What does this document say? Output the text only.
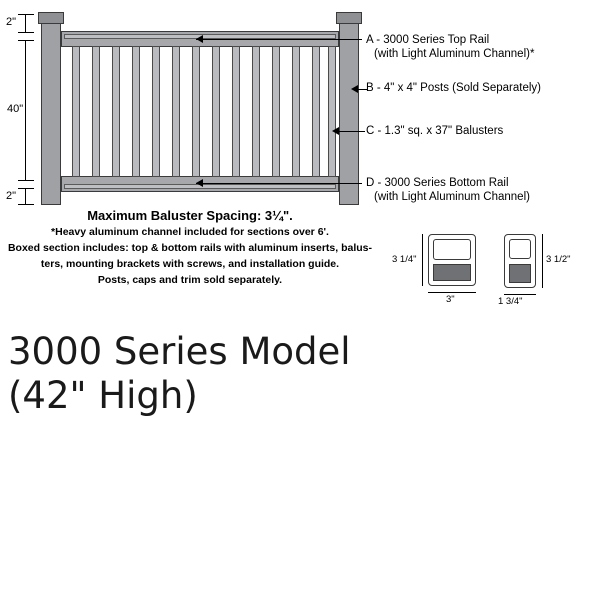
2"
40"
2"
A - 3000 Series Top Rail
(with Light Aluminum Channel)*
B - 4" x 4" Posts (Sold Separately)
C - 1.3" sq. x 37" Balusters
D - 3000 Series Bottom Rail
(with Light Aluminum Channel)
Maximum Baluster Spacing: 3¼".
*Heavy aluminum channel included for sections over 6'.
Boxed section includes: top & bottom rails with aluminum inserts, balus-
ters, mounting brackets with screws, and installation guide.
Posts, caps and trim sold separately.
3 1/4"
3"
3 1/2"
1 3/4"
3000 Series Model
(42" High)
